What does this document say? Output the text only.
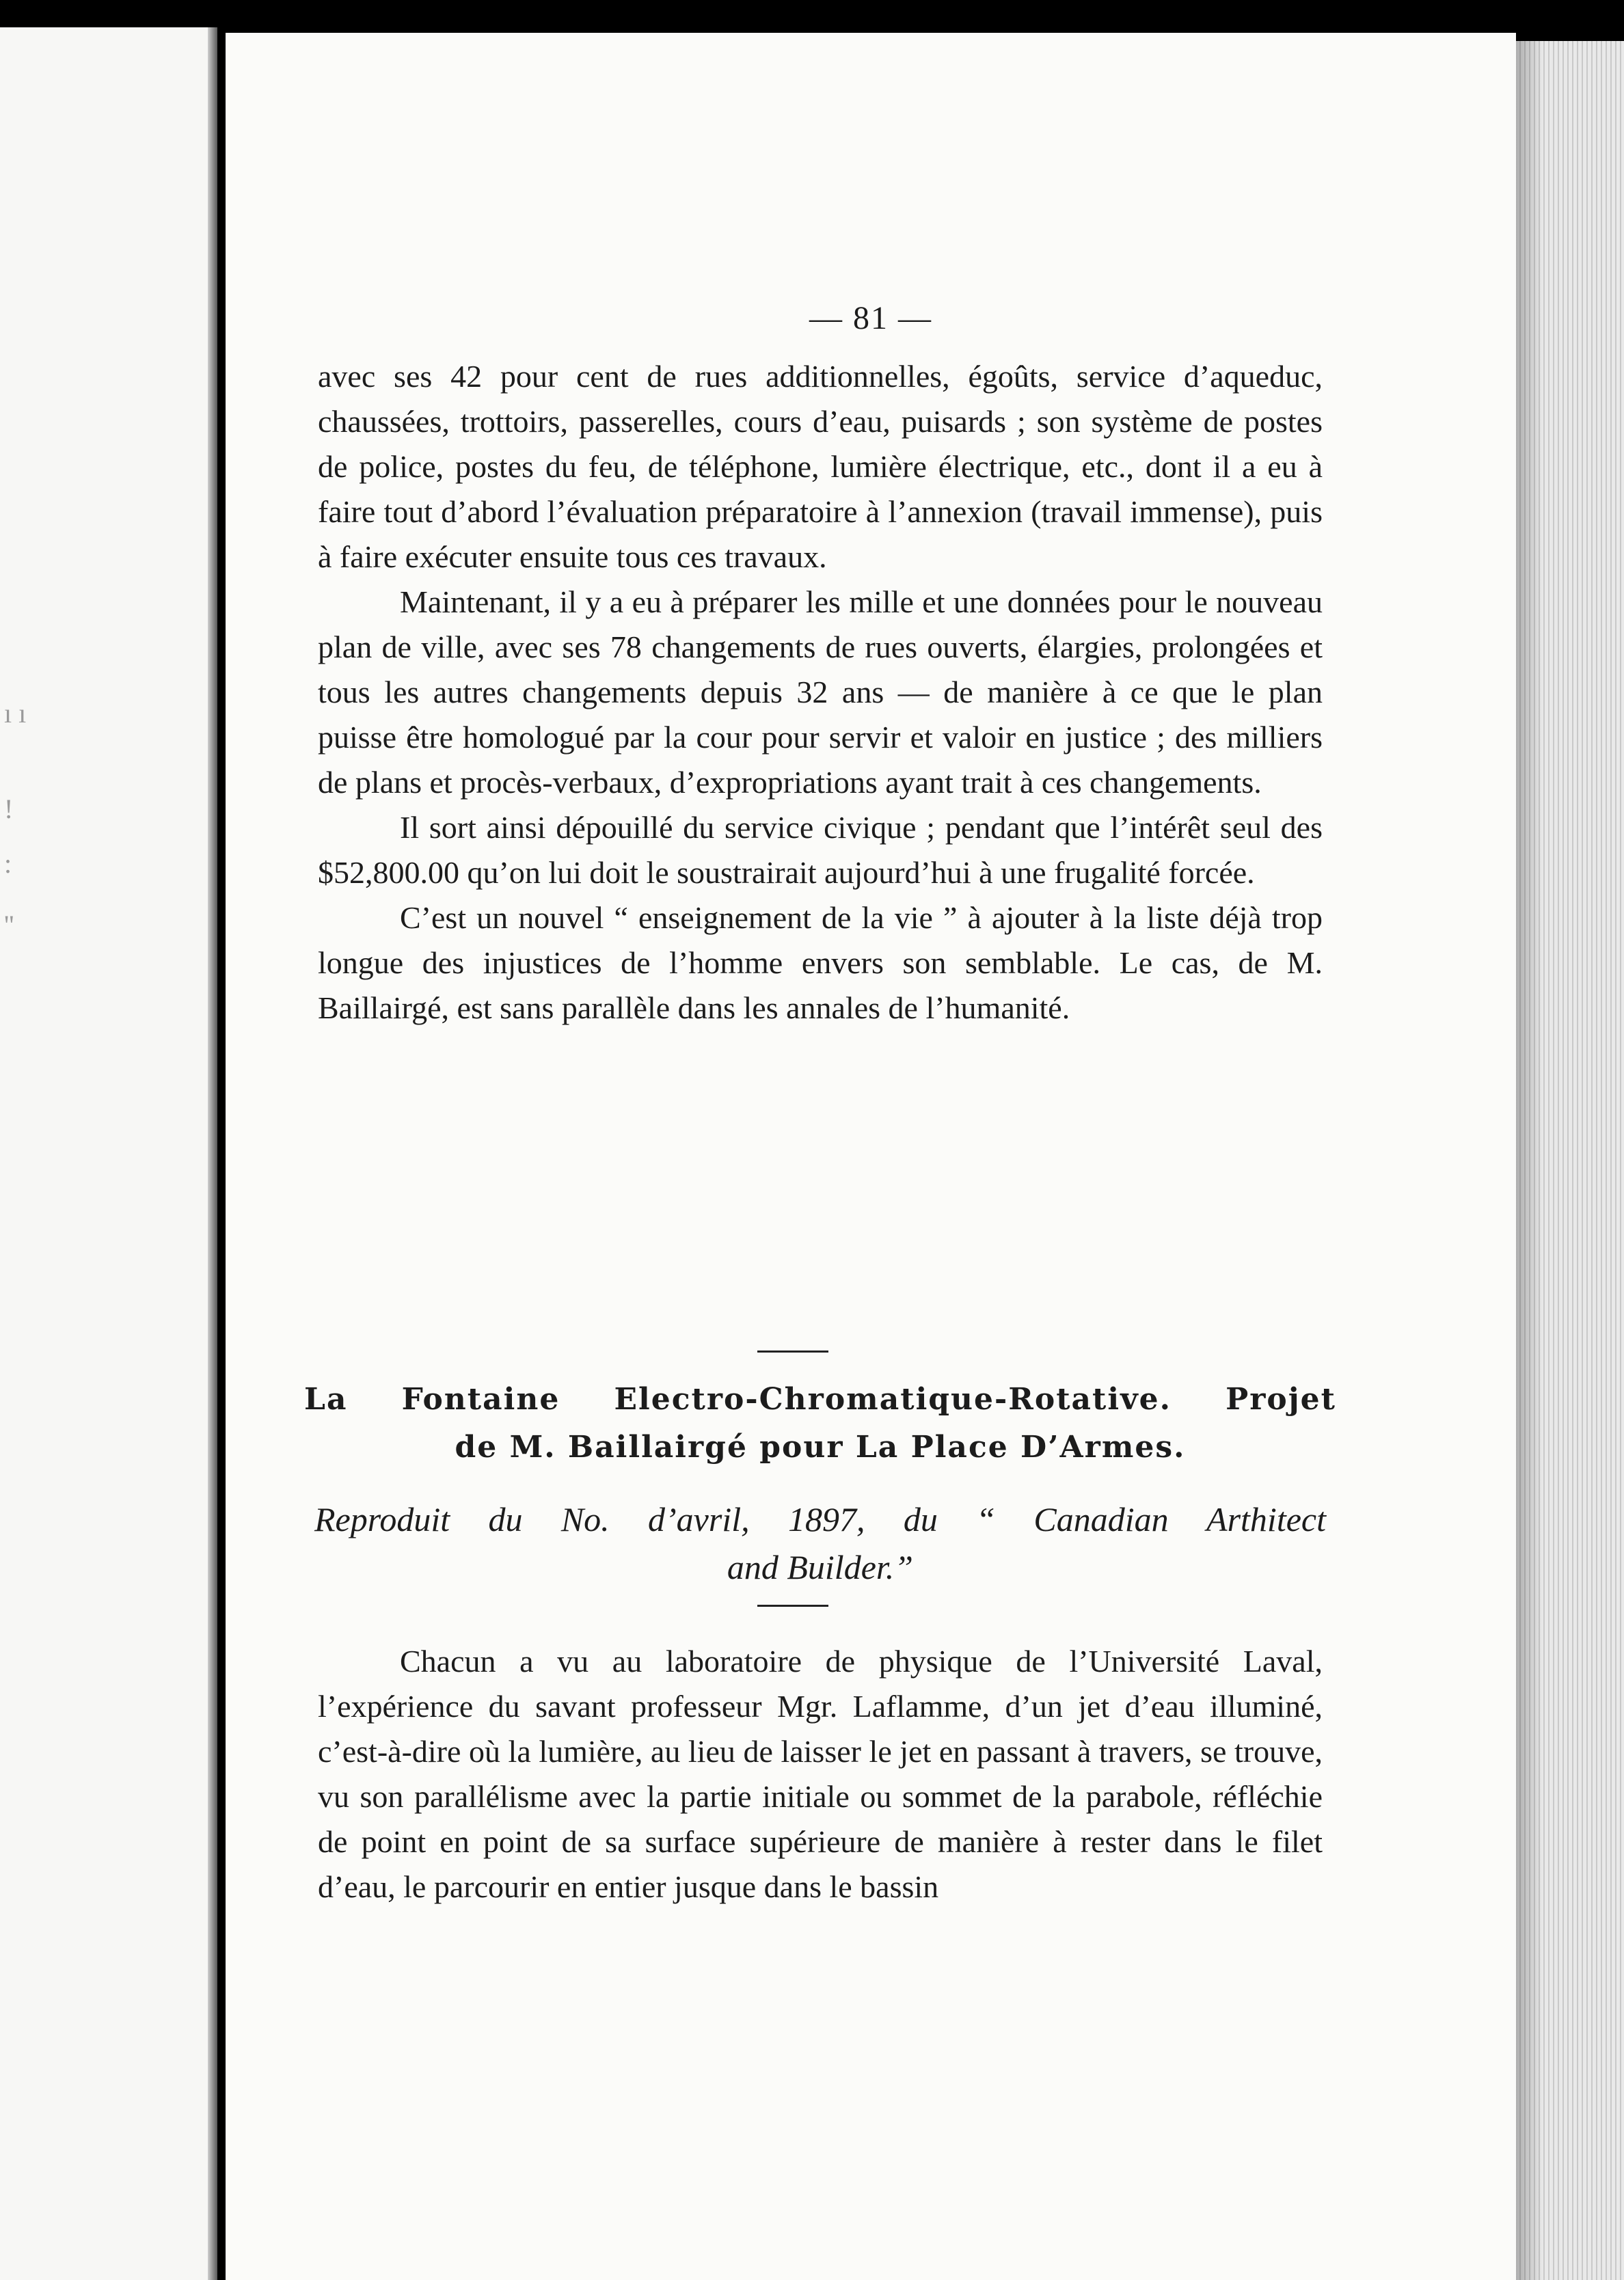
ı ı
!
:
''
— 81 —

avec ses 42 pour cent de rues additionnelles, égoûts, service d’aqueduc, chaussées, trottoirs, passerelles, cours d’eau, puisards ; son système de postes de police, postes du feu, de téléphone, lumière électrique, etc., dont il a eu à faire tout d’abord l’évaluation préparatoire à l’annexion (travail immense), puis à faire exécuter ensuite tous ces travaux.

Maintenant, il y a eu à préparer les mille et une données pour le nouveau plan de ville, avec ses 78 changements de rues ouverts, élargies, prolongées et tous les autres changements depuis 32 ans — de manière à ce que le plan puisse être homologué par la cour pour servir et valoir en justice ; des milliers de plans et procès-verbaux, d’expropriations ayant trait à ces changements.

Il sort ainsi dépouillé du service civique ; pendant que l’intérêt seul des $52,800.00 qu’on lui doit le soustrairait aujourd’hui à une frugalité forcée.

C’est un nouvel “ enseignement de la vie ” à ajouter à la liste déjà trop longue des injustices de l’homme envers son semblable. Le cas, de M. Baillairgé, est sans parallèle dans les annales de l’humanité.

La Fontaine Electro-Chromatique-Rotative. Projet
de M. Baillairgé pour La Place D’Armes.
Reproduit du No. d’avril, 1897, du “ Canadian Arthitect
and Builder.”

Chacun a vu au laboratoire de physique de l’Université Laval, l’expérience du savant professeur Mgr. Laflamme, d’un jet d’eau illuminé, c’est-à-dire où la lumière, au lieu de laisser le jet en passant à travers, se trouve, vu son parallélisme avec la partie initiale ou sommet de la parabole, réfléchie de point en point de sa surface supérieure de manière à rester dans le filet d’eau, le parcourir en entier jusque dans le bassin
